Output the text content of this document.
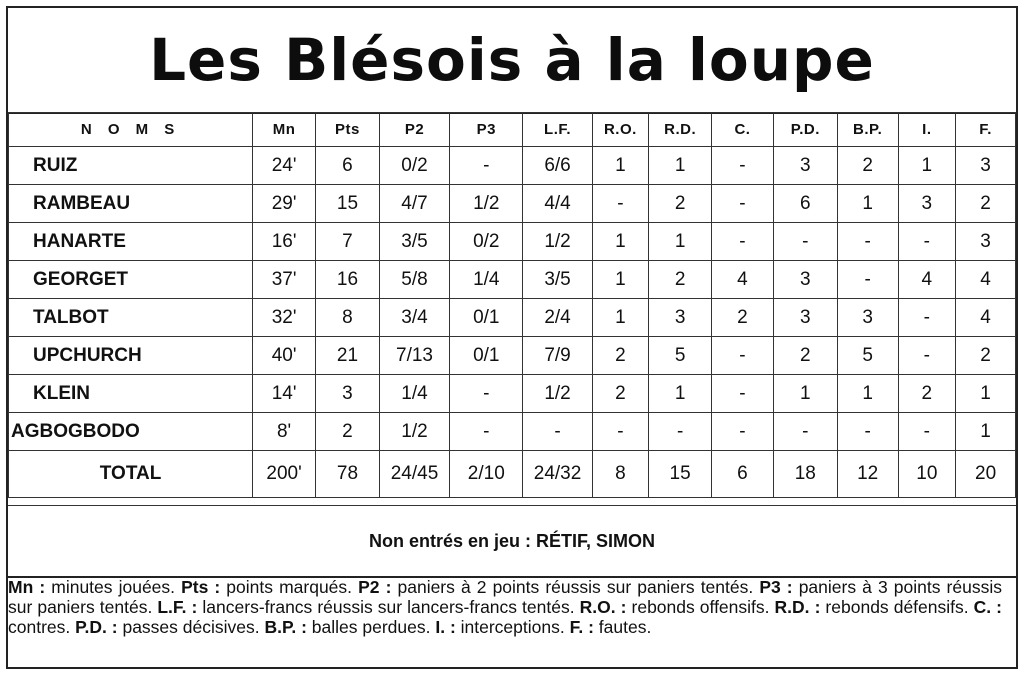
Les Blésois à la loupe
N O M S	Mn	Pts	P2	P3	L.F.	R.O.	R.D.	C.	P.D.	B.P.	I.	F.
RUIZ	24'	6	0/2	-	6/6	1	1	-	3	2	1	3
RAMBEAU	29'	15	4/7	1/2	4/4	-	2	-	6	1	3	2
HANARTE	16'	7	3/5	0/2	1/2	1	1	-	-	-	-	3
GEORGET	37'	16	5/8	1/4	3/5	1	2	4	3	-	4	4
TALBOT	32'	8	3/4	0/1	2/4	1	3	2	3	3	-	4
UPCHURCH	40'	21	7/13	0/1	7/9	2	5	-	2	5	-	2
KLEIN	14'	3	1/4	-	1/2	2	1	-	1	1	2	1
AGBOGBODO	8'	2	1/2	-	-	-	-	-	-	-	-	1
TOTAL	200'	78	24/45	2/10	24/32	8	15	6	18	12	10	20
Non entrés en jeu : RÉTIF, SIMON
Mn : minutes jouées. Pts : points marqués. P2 : paniers à 2 points réussis sur paniers tentés. P3 : paniers à 3 points réussis sur paniers tentés. L.F. : lancers-francs réussis sur lancers-francs tentés. R.O. : rebonds offensifs. R.D. : rebonds défensifs. C. : contres. P.D. : passes décisives. B.P. : balles perdues. I. : interceptions. F. : fautes.
